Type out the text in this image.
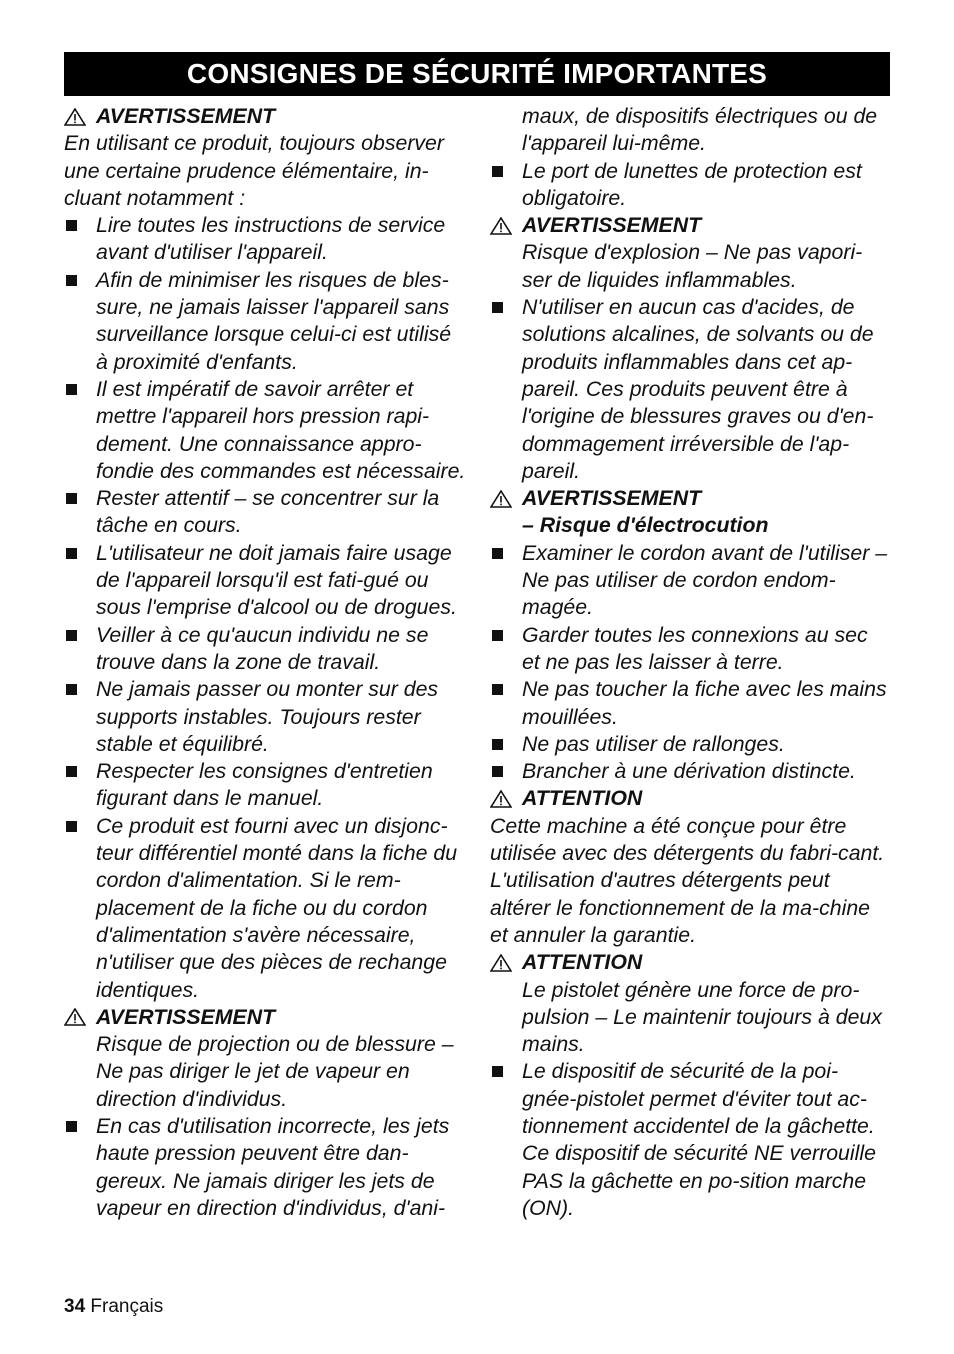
CONSIGNES DE SÉCURITÉ IMPORTANTES
AVERTISSEMENT

En utilisant ce produit, toujours observer une certaine prudence élémentaire, in-cluant notamment :

Lire toutes les instructions de service avant d'utiliser l'appareil.
Afin de minimiser les risques de bles-sure, ne jamais laisser l'appareil sans surveillance lorsque celui-ci est utilisé à proximité d'enfants.
Il est impératif de savoir arrêter et mettre l'appareil hors pression rapi-dement. Une connaissance appro-fondie des commandes est nécessaire.
Rester attentif – se concentrer sur la tâche en cours.
L'utilisateur ne doit jamais faire usage de l'appareil lorsqu'il est fati-gué ou sous l'emprise d'alcool ou de drogues.
Veiller à ce qu'aucun individu ne se trouve dans la zone de travail.
Ne jamais passer ou monter sur des supports instables. Toujours rester stable et équilibré.
Respecter les consignes d'entretien figurant dans le manuel.
Ce produit est fourni avec un disjonc-teur différentiel monté dans la fiche du cordon d'alimentation. Si le rem-placement de la fiche ou du cordon d'alimentation s'avère nécessaire, n'utiliser que des pièces de rechange identiques.
AVERTISSEMENT

Risque de projection ou de blessure – Ne pas diriger le jet de vapeur en direction d'individus.

En cas d'utilisation incorrecte, les jets haute pression peuvent être dan-gereux. Ne jamais diriger les jets de vapeur en direction d'individus, d'ani-

maux, de dispositifs électriques ou de l'appareil lui-même.

Le port de lunettes de protection est obligatoire.
AVERTISSEMENT

Risque d'explosion – Ne pas vapori-ser de liquides inflammables.

N'utiliser en aucun cas d'acides, de solutions alcalines, de solvants ou de produits inflammables dans cet ap-pareil. Ces produits peuvent être à l'origine de blessures graves ou d'en-dommagement irréversible de l'ap-pareil.
AVERTISSEMENT
– Risque d'électrocution
Examiner le cordon avant de l'utiliser – Ne pas utiliser de cordon endom-magée.
Garder toutes les connexions au sec et ne pas les laisser à terre.
Ne pas toucher la fiche avec les mains mouillées.
Ne pas utiliser de rallonges.
Brancher à une dérivation distincte.
ATTENTION

Cette machine a été conçue pour être utilisée avec des détergents du fabri-cant. L'utilisation d'autres détergents peut altérer le fonctionnement de la ma-chine et annuler la garantie.

ATTENTION

Le pistolet génère une force de pro-pulsion – Le maintenir toujours à deux mains.

Le dispositif de sécurité de la poi-gnée-pistolet permet d'éviter tout ac-tionnement accidentel de la gâchette. Ce dispositif de sécurité NE verrouille PAS la gâchette en po-sition marche (ON).
34 Français
